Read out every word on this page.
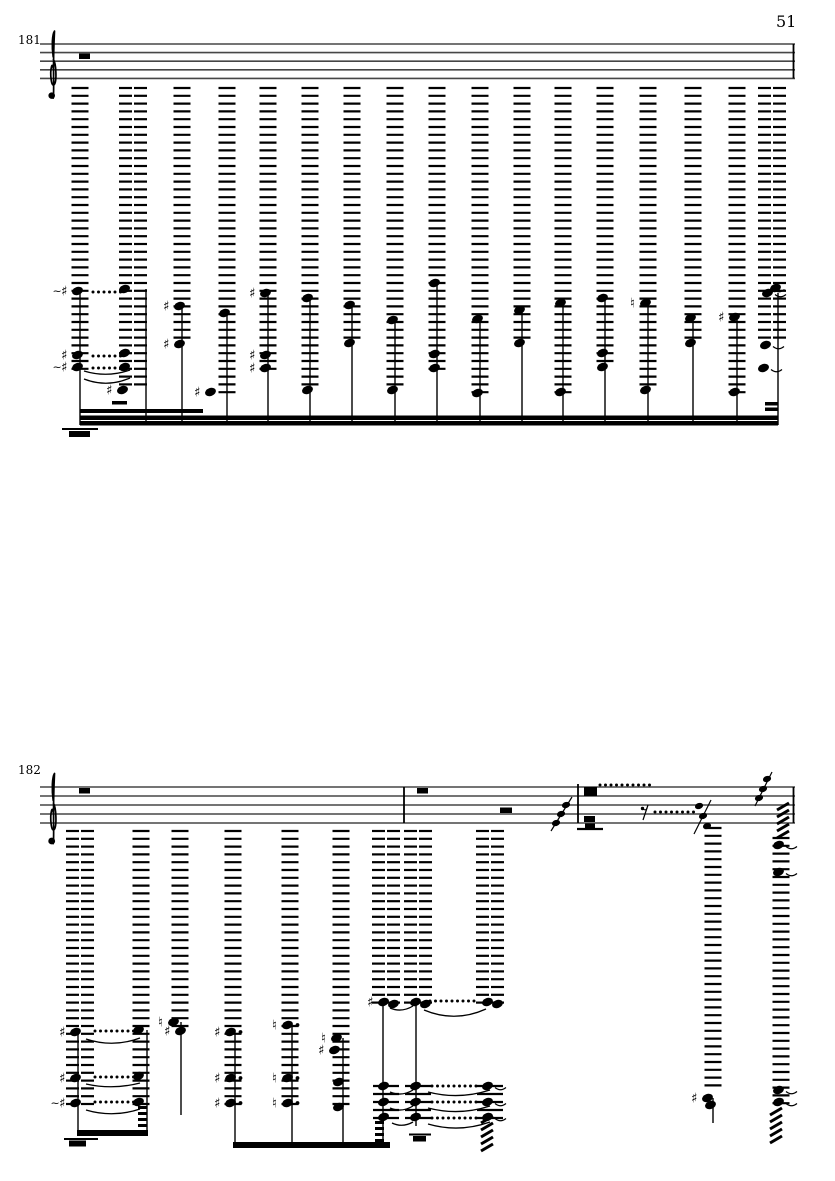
51
181
182
♯
~
♯
♯
~
♯
♯
♯
♯
♯
♯
♯
♮
♯
♯
♯
♯
~
♮
♯	♯
♯
♯
♮
♮
♮
♮
♯
♯
♯
